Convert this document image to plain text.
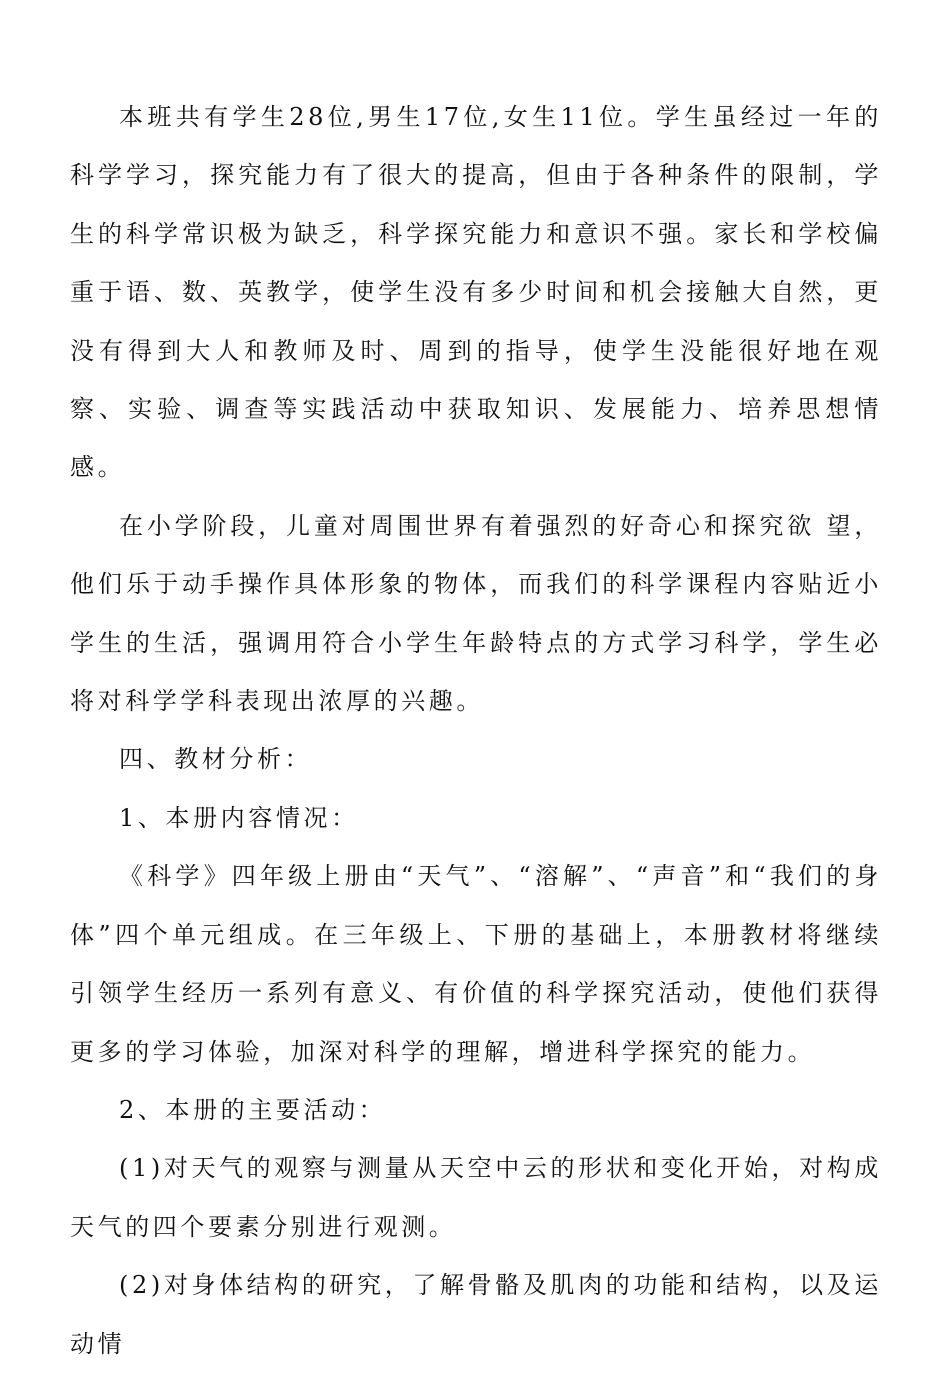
本班共有学生28位,男生17位,女生11位。学生虽经过一年的科学学习，探究能力有了很大的提高，但由于各种条件的限制，学生的科学常识极为缺乏，科学探究能力和意识不强。家长和学校偏重于语、数、英教学，使学生没有多少时间和机会接触大自然，更没有得到大人和教师及时、周到的指导，使学生没能很好地在观察、实验、调查等实践活动中获取知识、发展能力、培养思想情感。

在小学阶段，儿童对周围世界有着强烈的好奇心和探究欲 望，他们乐于动手操作具体形象的物体，而我们的科学课程内容贴近小学生的生活，强调用符合小学生年龄特点的方式学习科学，学生必将对科学学科表现出浓厚的兴趣。

四、教材分析：

1、本册内容情况：

《科学》四年级上册由“天气”、“溶解”、“声音”和“我们的身体”四个单元组成。在三年级上、下册的基础上，本册教材将继续引领学生经历一系列有意义、有价值的科学探究活动，使他们获得更多的学习体验，加深对科学的理解，增进科学探究的能力。

2、本册的主要活动：

(1)对天气的观察与测量从天空中云的形状和变化开始，对构成天气的四个要素分别进行观测。

(2)对身体结构的研究，了解骨骼及肌肉的功能和结构，以及运动情
